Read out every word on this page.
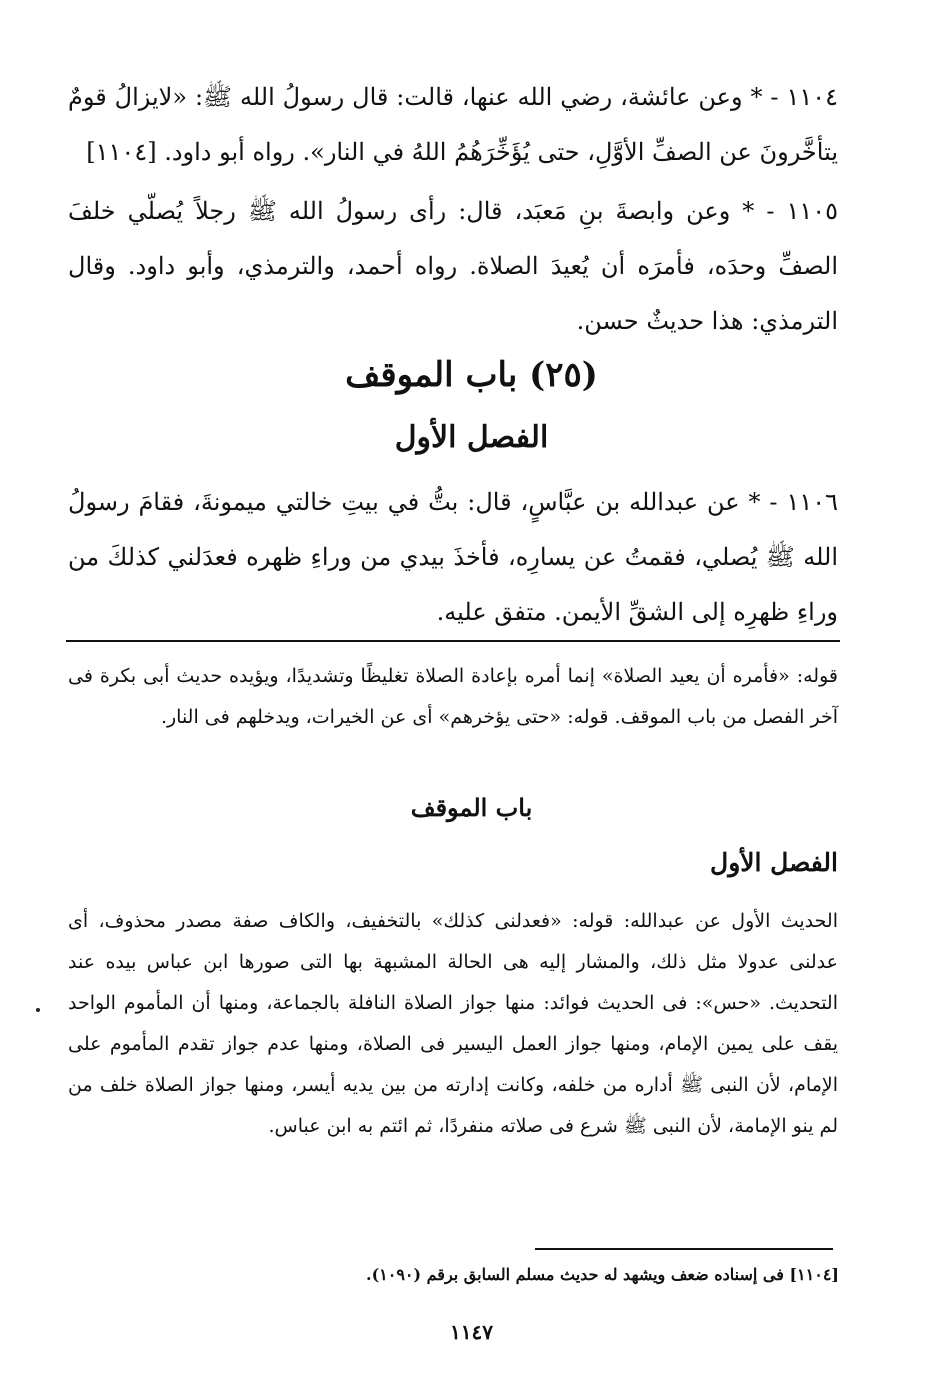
١١٠٤ - * وعن عائشة، رضي الله عنها، قالت: قال رسولُ الله ﷺ: «لايزالُ قومٌ يتأخَّرونَ عن الصفِّ الأوَّلِ، حتى يُؤَخِّرَهُمُ اللهُ في النار». رواه أبو داود. [١١٠٤]

١١٠٥ - * وعن وابصةَ بنِ مَعبَد، قال: رأى رسولُ الله ﷺ رجلاً يُصلّي خلفَ الصفِّ وحدَه، فأمرَه أن يُعيدَ الصلاة. رواه أحمد، والترمذي، وأبو داود. وقال الترمذي: هذا حديثٌ حسن.

(٢٥) باب الموقف
الفصل الأول

١١٠٦ - * عن عبدالله بن عبَّاسٍ، قال: بتُّ في بيتِ خالتي ميمونةَ، فقامَ رسولُ الله ﷺ يُصلي، فقمتُ عن يسارِه، فأخذَ بيدي من وراءِ ظهره فعدَلني كذلكَ من وراءِ ظهرِه إلى الشقِّ الأيمن. متفق عليه.

قوله: «فأمره أن يعيد الصلاة» إنما أمره بإعادة الصلاة تغليظًا وتشديدًا، ويؤيده حديث أبى بكرة فى آخر الفصل من باب الموقف. قوله: «حتى يؤخرهم» أى عن الخيرات، ويدخلهم فى النار.

باب الموقف
الفصل الأول

الحديث الأول عن عبدالله: قوله: «فعدلنى كذلك» بالتخفيف، والكاف صفة مصدر محذوف، أى عدلنى عدولا مثل ذلك، والمشار إليه هى الحالة المشبهة بها التى صورها ابن عباس بيده عند التحديث. «حس»: فى الحديث فوائد: منها جواز الصلاة النافلة بالجماعة، ومنها أن المأموم الواحد يقف على يمين الإمام، ومنها جواز العمل اليسير فى الصلاة، ومنها عدم جواز تقدم المأموم على الإمام، لأن النبى ﷺ أداره من خلفه، وكانت إدارته من بين يديه أيسر، ومنها جواز الصلاة خلف من لم ينو الإمامة، لأن النبى ﷺ شرع فى صلاته منفردًا، ثم ائتم به ابن عباس.

[١١٠٤] فى إسناده ضعف ويشهد له حديث مسلم السابق برقم (١٠٩٠).
١١٤٧
